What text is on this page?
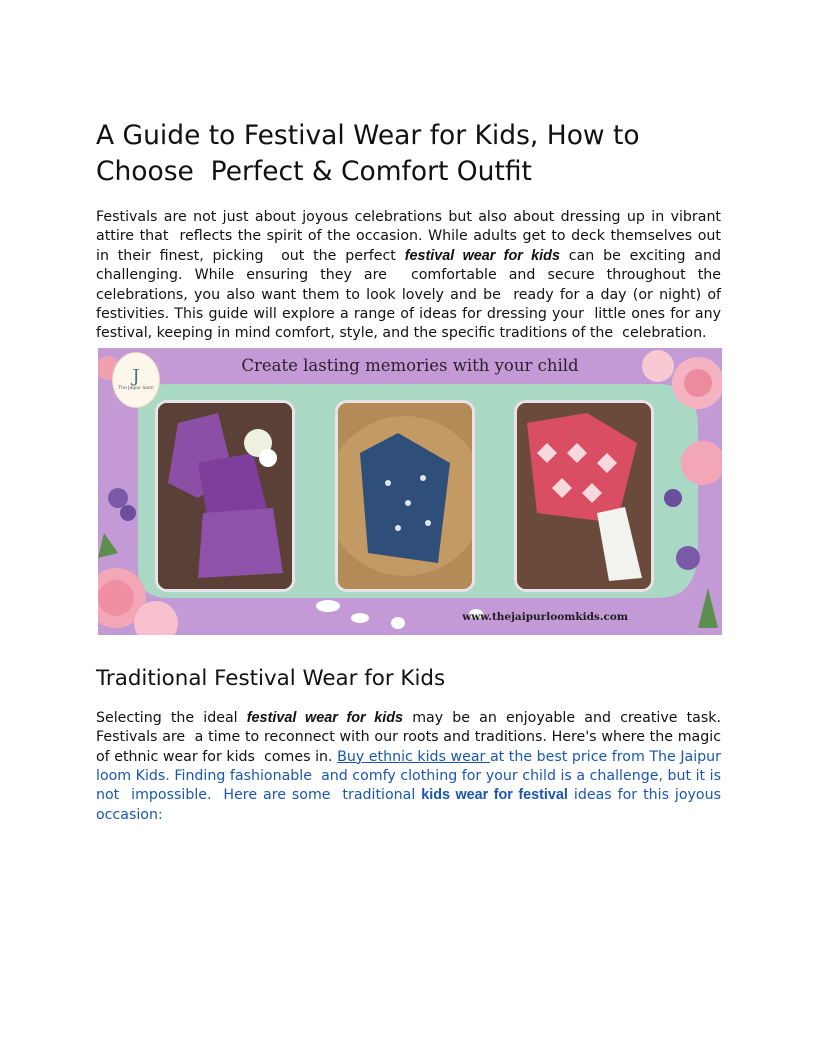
A Guide to Festival Wear for Kids, How to
Choose  Perfect & Comfort Outfit

Festivals are not just about joyous celebrations but also about dressing up in vibrant attire that  reflects the spirit of the occasion. While adults get to deck themselves out in their finest, picking  out the perfect festival wear for kids can be exciting and challenging. While ensuring they are  comfortable and secure throughout the celebrations, you also want them to look lovely and be  ready for a day (or night) of festivities. This guide will explore a range of ideas for dressing your  little ones for any festival, keeping in mind comfort, style, and the specific traditions of the  celebration.

J
The Jaipur loom
Create lasting memories with your child
www.thejaipurloomkids.com
Traditional Festival Wear for Kids

Selecting the ideal festival wear for kids may be an enjoyable and creative task. Festivals are  a time to reconnect with our roots and traditions. Here's where the magic of ethnic wear for kids  comes in. Buy ethnic kids wear at the best price from The Jaipur loom Kids. Finding fashionable  and comfy clothing for your child is a challenge, but it is not  impossible.  Here are some  traditional kids wear for festival ideas for this joyous occasion:
